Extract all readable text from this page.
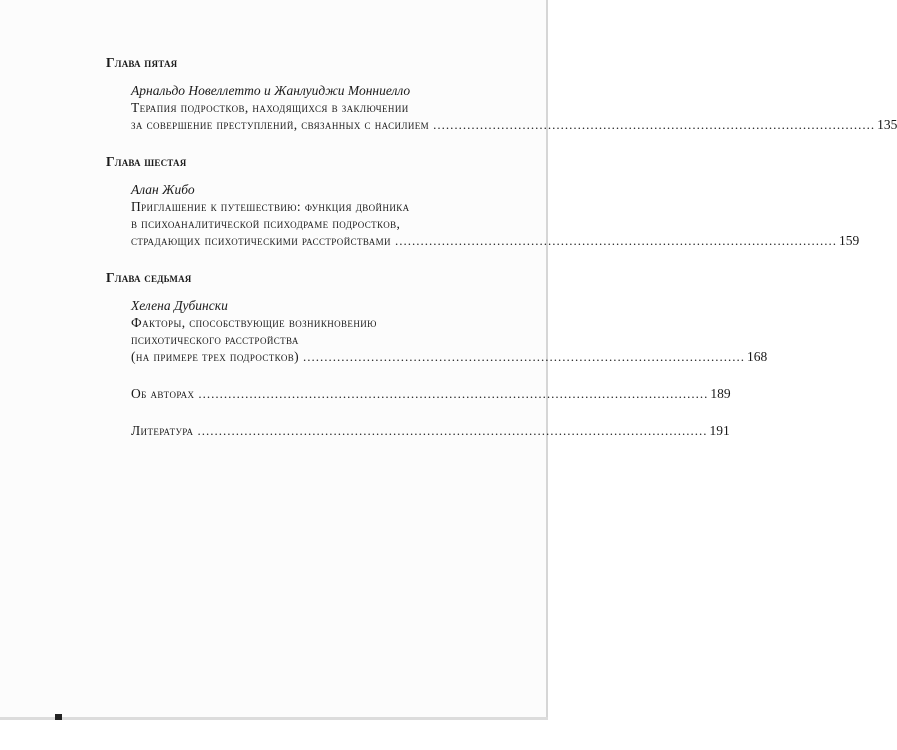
Глава пятая
Арнальдо Новеллетто и Жанлуиджи Монниелло
Терапия подростков, находящихся в заключении
за совершение преступлений, связанных с насилием ........................................................................................................ 135
Глава шестая
Алан Жибо
Приглашение к путешествию: функция двойника
в психоаналитической психодраме подростков,
страдающих психотическими расстройствами ........................................................................................................ 159
Глава седьмая
Хелена Дубински
Факторы, способствующие возникновению
психотического расстройства
(на примере трех подростков) ........................................................................................................ 168
Об авторах ........................................................................................................................ 189
Литература ........................................................................................................................ 191
